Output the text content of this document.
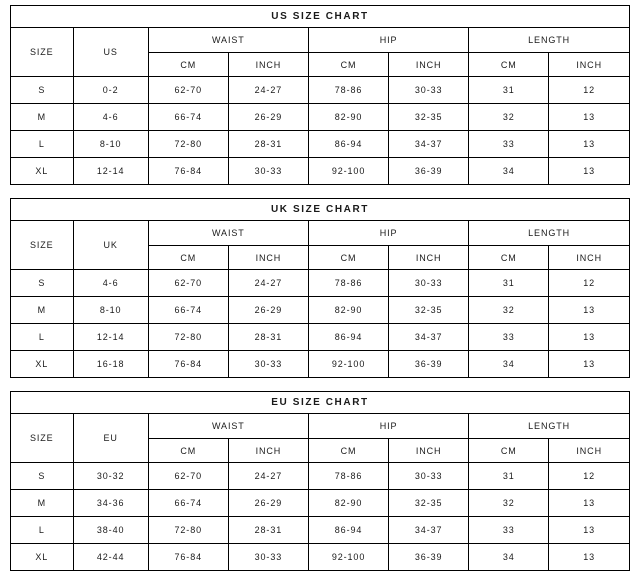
US SIZE CHART
SIZE	US	WAIST		HIP		LENGTH	
		CM	INCH	CM	INCH	CM	INCH
S	0-2	62-70	24-27	78-86	30-33	31	12
M	4-6	66-74	26-29	82-90	32-35	32	13
L	8-10	72-80	28-31	86-94	34-37	33	13
XL	12-14	76-84	30-33	92-100	36-39	34	13
UK SIZE CHART
SIZE	UK	WAIST		HIP		LENGTH	
		CM	INCH	CM	INCH	CM	INCH
S	4-6	62-70	24-27	78-86	30-33	31	12
M	8-10	66-74	26-29	82-90	32-35	32	13
L	12-14	72-80	28-31	86-94	34-37	33	13
XL	16-18	76-84	30-33	92-100	36-39	34	13
EU SIZE CHART
SIZE	EU	WAIST		HIP		LENGTH	
		CM	INCH	CM	INCH	CM	INCH
S	30-32	62-70	24-27	78-86	30-33	31	12
M	34-36	66-74	26-29	82-90	32-35	32	13
L	38-40	72-80	28-31	86-94	34-37	33	13
XL	42-44	76-84	30-33	92-100	36-39	34	13
